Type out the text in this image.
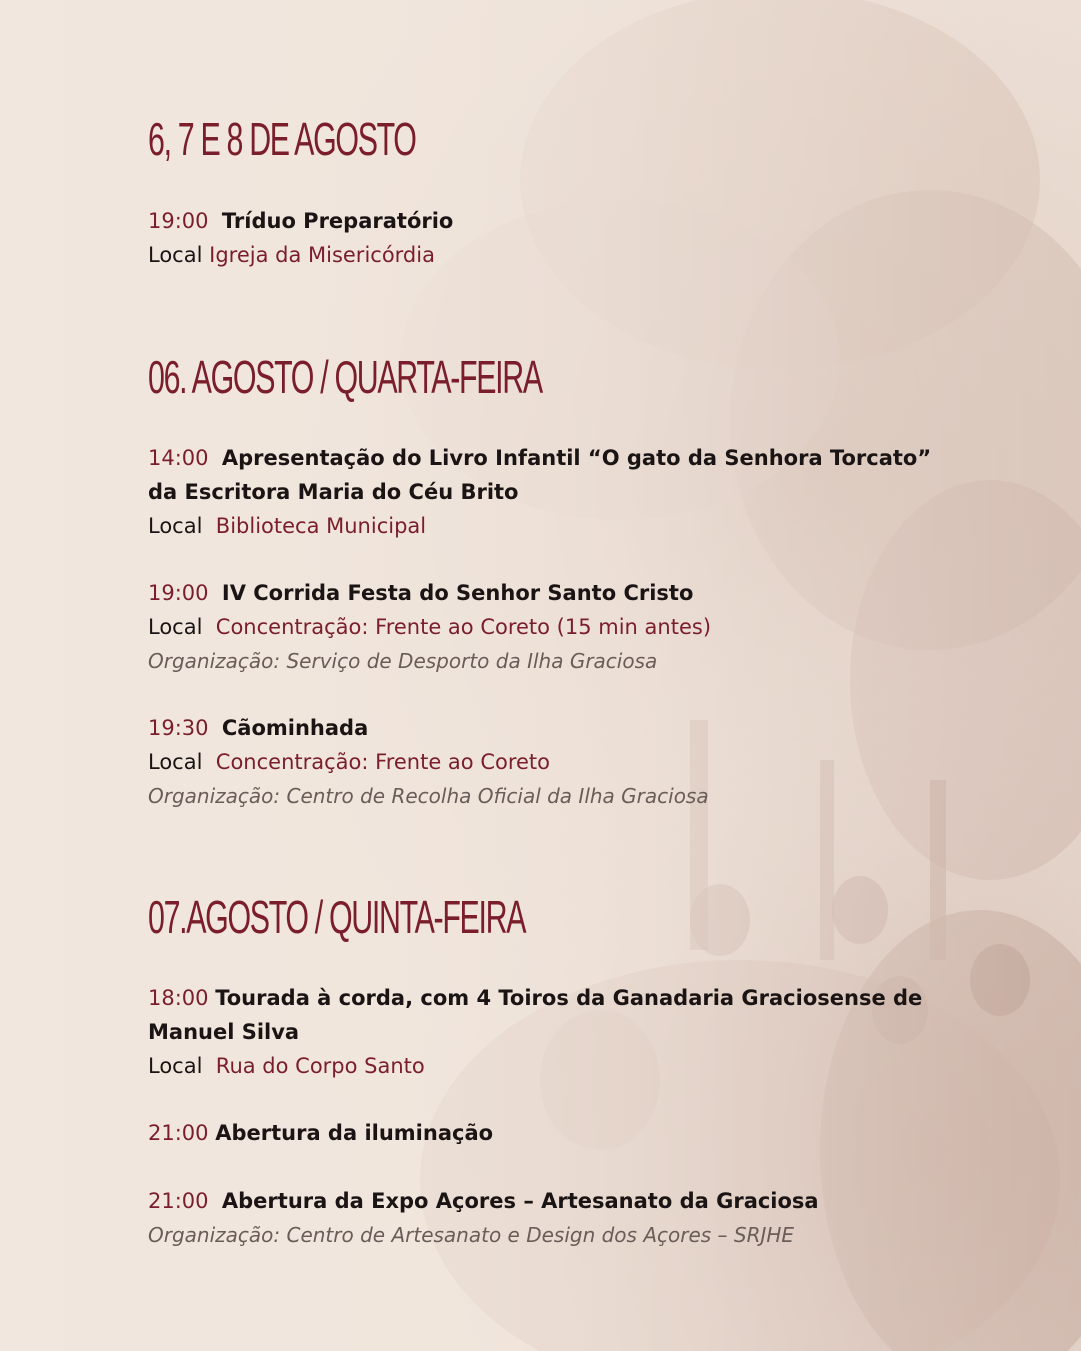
6, 7 E 8 DE AGOSTO
19:00 Tríduo Preparatório
Local Igreja da Misericórdia
06. AGOSTO / QUARTA-FEIRA
14:00 Apresentação do Livro Infantil “O gato da Senhora Torcato”
da Escritora Maria do Céu Brito
Local Biblioteca Municipal
19:00 IV Corrida Festa do Senhor Santo Cristo
Local Concentração: Frente ao Coreto (15 min antes)
Organização: Serviço de Desporto da Ilha Graciosa
19:30 Cãominhada
Local Concentração: Frente ao Coreto
Organização: Centro de Recolha Oficial da Ilha Graciosa
07.AGOSTO / QUINTA-FEIRA
18:00 Tourada à corda, com 4 Toiros da Ganadaria Graciosense de
Manuel Silva
Local Rua do Corpo Santo
21:00 Abertura da iluminação
21:00 Abertura da Expo Açores – Artesanato da Graciosa
Organização: Centro de Artesanato e Design dos Açores – SRJHE
